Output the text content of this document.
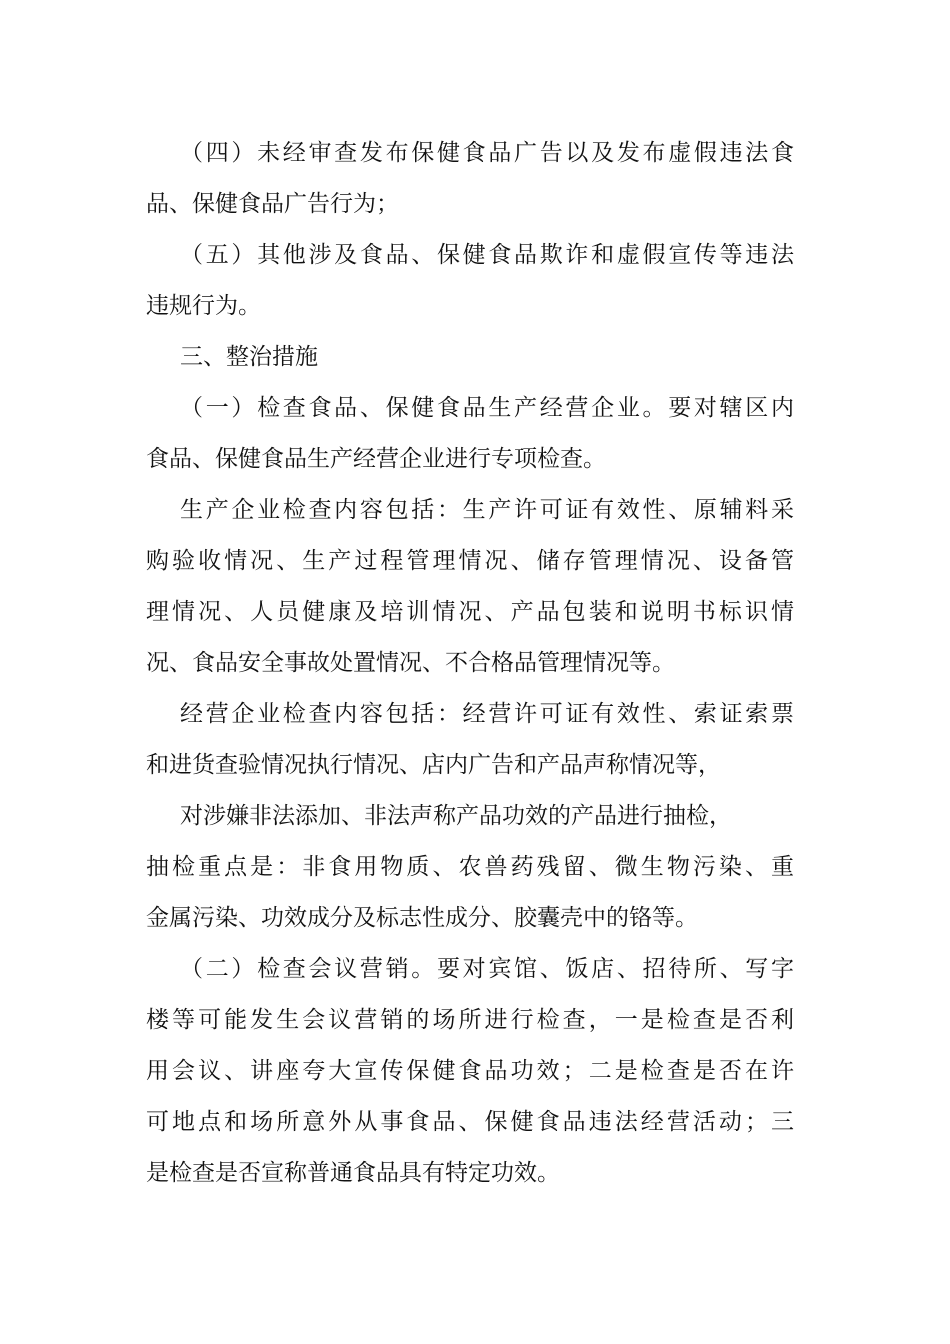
（四）未经审查发布保健食品广告以及发布虚假违法食
品、保健食品广告行为；
（五）其他涉及食品、保健食品欺诈和虚假宣传等违法
违规行为。
三、整治措施
（一）检查食品、保健食品生产经营企业。要对辖区内
食品、保健食品生产经营企业进行专项检查。
生产企业检查内容包括：生产许可证有效性、原辅料采
购验收情况、生产过程管理情况、储存管理情况、设备管
理情况、人员健康及培训情况、产品包装和说明书标识情
况、食品安全事故处置情况、不合格品管理情况等。
经营企业检查内容包括：经营许可证有效性、索证索票
和进货查验情况执行情况、店内广告和产品声称情况等，
对涉嫌非法添加、非法声称产品功效的产品进行抽检，
抽检重点是：非食用物质、农兽药残留、微生物污染、重
金属污染、功效成分及标志性成分、胶囊壳中的铬等。
（二）检查会议营销。要对宾馆、饭店、招待所、写字
楼等可能发生会议营销的场所进行检查，一是检查是否利
用会议、讲座夸大宣传保健食品功效；二是检查是否在许
可地点和场所意外从事食品、保健食品违法经营活动；三
是检查是否宣称普通食品具有特定功效。
